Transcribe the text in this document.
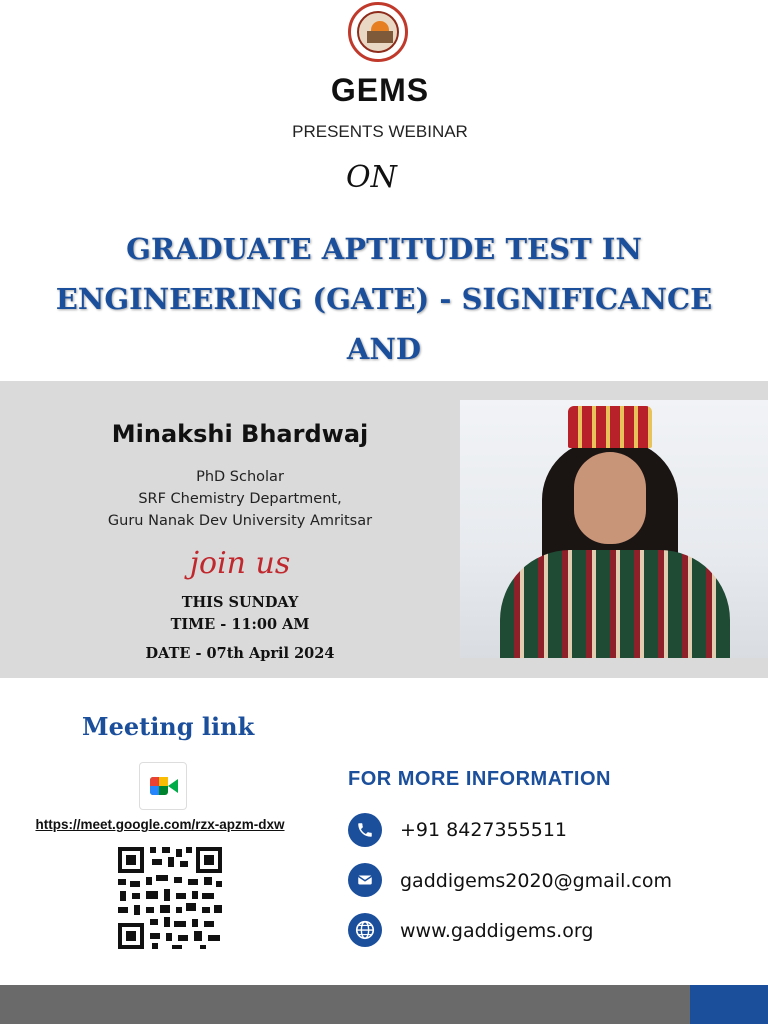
GEMS
PRESENTS WEBINAR
ON
GRADUATE APTITUDE TEST IN
ENGINEERING (GATE) - SIGNIFICANCE AND
Minakshi Bhardwaj
PhD Scholar
SRF Chemistry Department,
Guru Nanak Dev University Amritsar
join us
THIS SUNDAY
TIME - 11:00 AM
DATE - 07th April 2024
Meeting link
https://meet.google.com/rzx-apzm-dxw
FOR MORE INFORMATION
+91 8427355511
gaddigems2020@gmail.com
www.gaddigems.org
